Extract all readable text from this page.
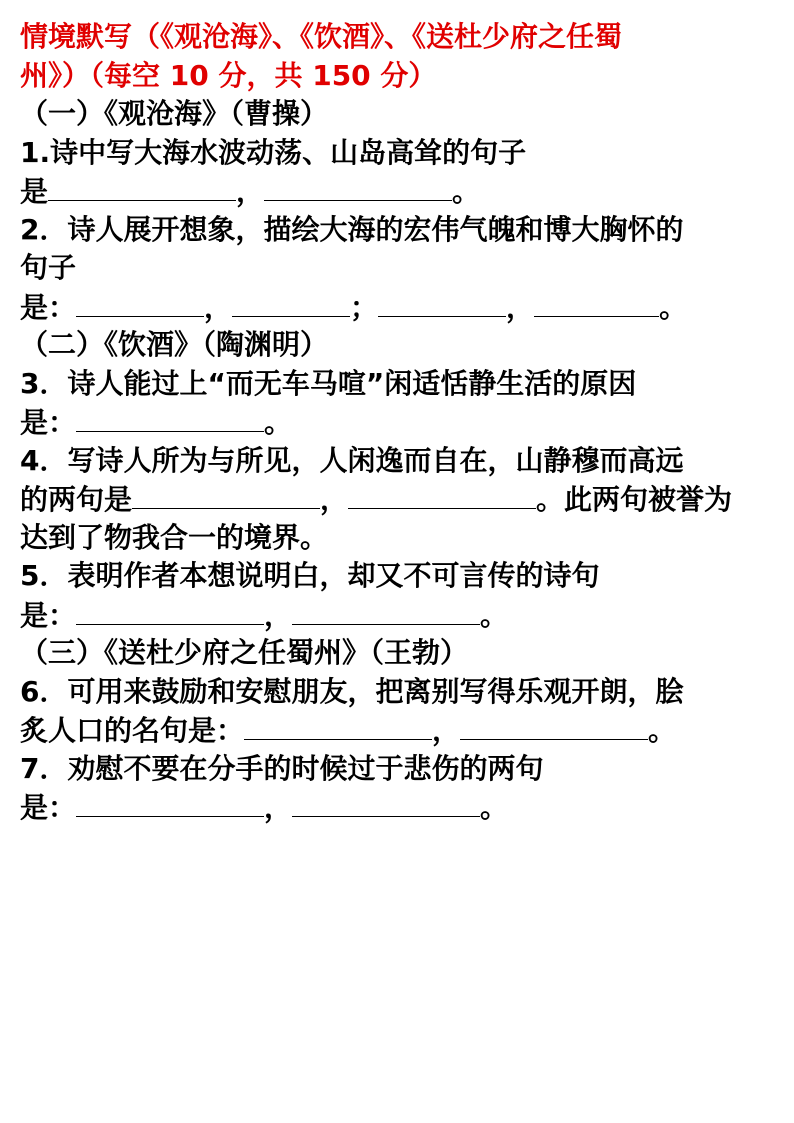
情境默写（《观沧海》、《饮酒》、《送杜少府之任蜀
州》）（每空 10 分，共 150 分）
（一）《观沧海》（曹操）
1.诗中写大海水波动荡、山岛高耸的句子
是	，	。
2．诗人展开想象，描绘大海的宏伟气魄和博大胸怀的
句子
是：	，	；	，	。
（二）《饮酒》（陶渊明）
3．诗人能过上“而无车马喧”闲适恬静生活的原因
是：	。
4．写诗人所为与所见，人闲逸而自在，山静穆而高远
的两句是	，	。此两句被誉为
达到了物我合一的境界。
5．表明作者本想说明白，却又不可言传的诗句
是：	，	。
（三）《送杜少府之任蜀州》（王勃）
6．可用来鼓励和安慰朋友，把离别写得乐观开朗，脍
炙人口的名句是：	，	。
7．劝慰不要在分手的时候过于悲伤的两句
是：	，	。
